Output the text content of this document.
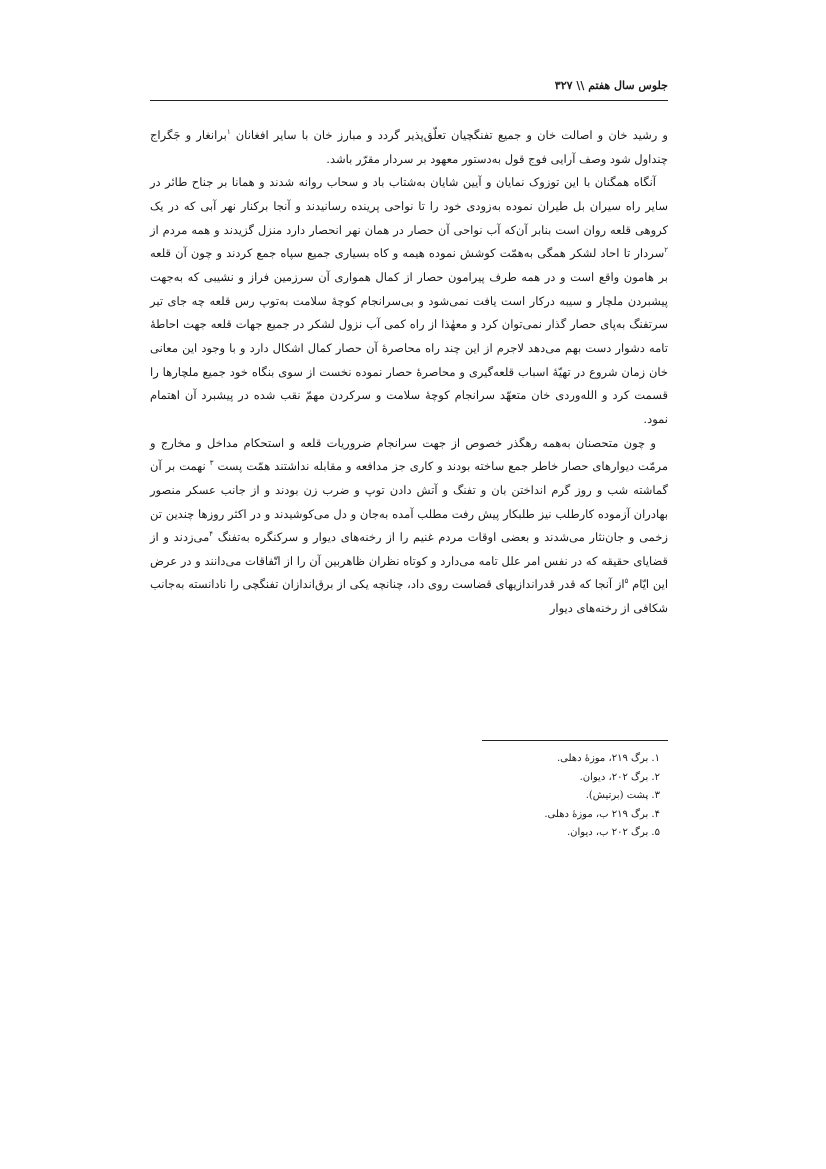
جلوس سال هفتم \\ ۳۲۷

و رشید خان و اصالت خان و جمیع تفنگچیان تعلّق‌پذیر گردد و مبارز خان با سایر افغانان $^۱$برانغار و جَگراج چنداول شود وصف آرایی فوج قول به‌دستور معهود بر سردار مقرّر باشد.

آنگاه همگنان با این توزوک نمایان و آیین شایان به‌شتاب باد و سحاب روانه شدند و همانا بر جناح طائر در سایر راه سیران بل طیران نموده به‌زودی خود را تا نواحی پرینده رسانیدند و آنجا برکنار نهر آبی که در یک کروهی قلعه روان است بنابر آن‌که آب نواحی آن حصار در همان نهر انحصار دارد منزل گزیدند و همه مردم از $^۲$سردار تا احاد لشکر همگی به‌همّت کوشش نموده هیمه و کاه بسیاری جمیع سپاه جمع کردند و چون آن قلعه بر هامون واقع است و در همه طرف پیرامون حصار از کمال همواری آن سرزمین فراز و نشیبی که به‌جهت پیشبردن ملچار و سیبه درکار است یافت نمی‌شود و بی‌سرانجام کوچهٔ سلامت به‌توپ رس قلعه چه جای تیر سرتفنگ به‌پای حصار گذار نمی‌توان کرد و معهٰذا از راه کمی آب نزول لشکر در جمیع جهات قلعه جهت احاطهٔ تامه دشوار دست بهم می‌دهد لاجرم از این چند راه محاصرهٔ آن حصار کمال اشکال دارد و با وجود این معانی خان زمان شروع در تهیّهٔ اسباب قلعه‌گیری و محاصرهٔ حصار نموده نخست از سوی بنگاه خود جمیع ملچارها را قسمت کرد و الله‌وردی خان متعهّد سرانجام کوچهٔ سلامت و سرکردن مهمّ نقب شده در پیشبرد آن اهتمام نمود.

و چون متحصنان به‌همه رهگذر خصوص از جهت سرانجام ضروریات قلعه و استحکام مداخل و مخارج و مرمّت دیوارهای حصار خاطر جمع ساخته بودند و کاری جز مدافعه و مقابله نداشتند همّت پست $^۳$ نهمت بر آن گماشته شب و روز گرم انداختن بان و تفنگ و آتش دادن توپ و ضرب زن بودند و از جانب عسکر منصور بهادران آزموده کارطلب نیز طلبکار پیش رفت مطلب آمده به‌جان و دل می‌کوشیدند و در اکثر روزها چندین تن زخمی و جان‌نثار می‌شدند و بعضی اوقات مردم غنیم را از رخنه‌های دیوار و سرکنگره به‌تفنگ $^۴$می‌زدند و از قضایای حقیقه که در نفس امر علل تامه می‌دارد و کوتاه نظران ظاهربین آن را از اتّفاقات می‌دانند و در عرض این ایّام $^۵$از آنجا که قدر قدراندازیهای قضاست روی داد، چنانچه یکی از برق‌اندازان تفنگچی را نادانسته به‌جانب شکافی از رخنه‌های دیوار

۱. برگ ۲۱۹، موزهٔ دهلی.
۲. برگ ۲۰۲، دیوان.
۳. پشت (برتیش).
۴. برگ ۲۱۹ ب، موزهٔ دهلی.
۵. برگ ۲۰۲ ب، دیوان.
